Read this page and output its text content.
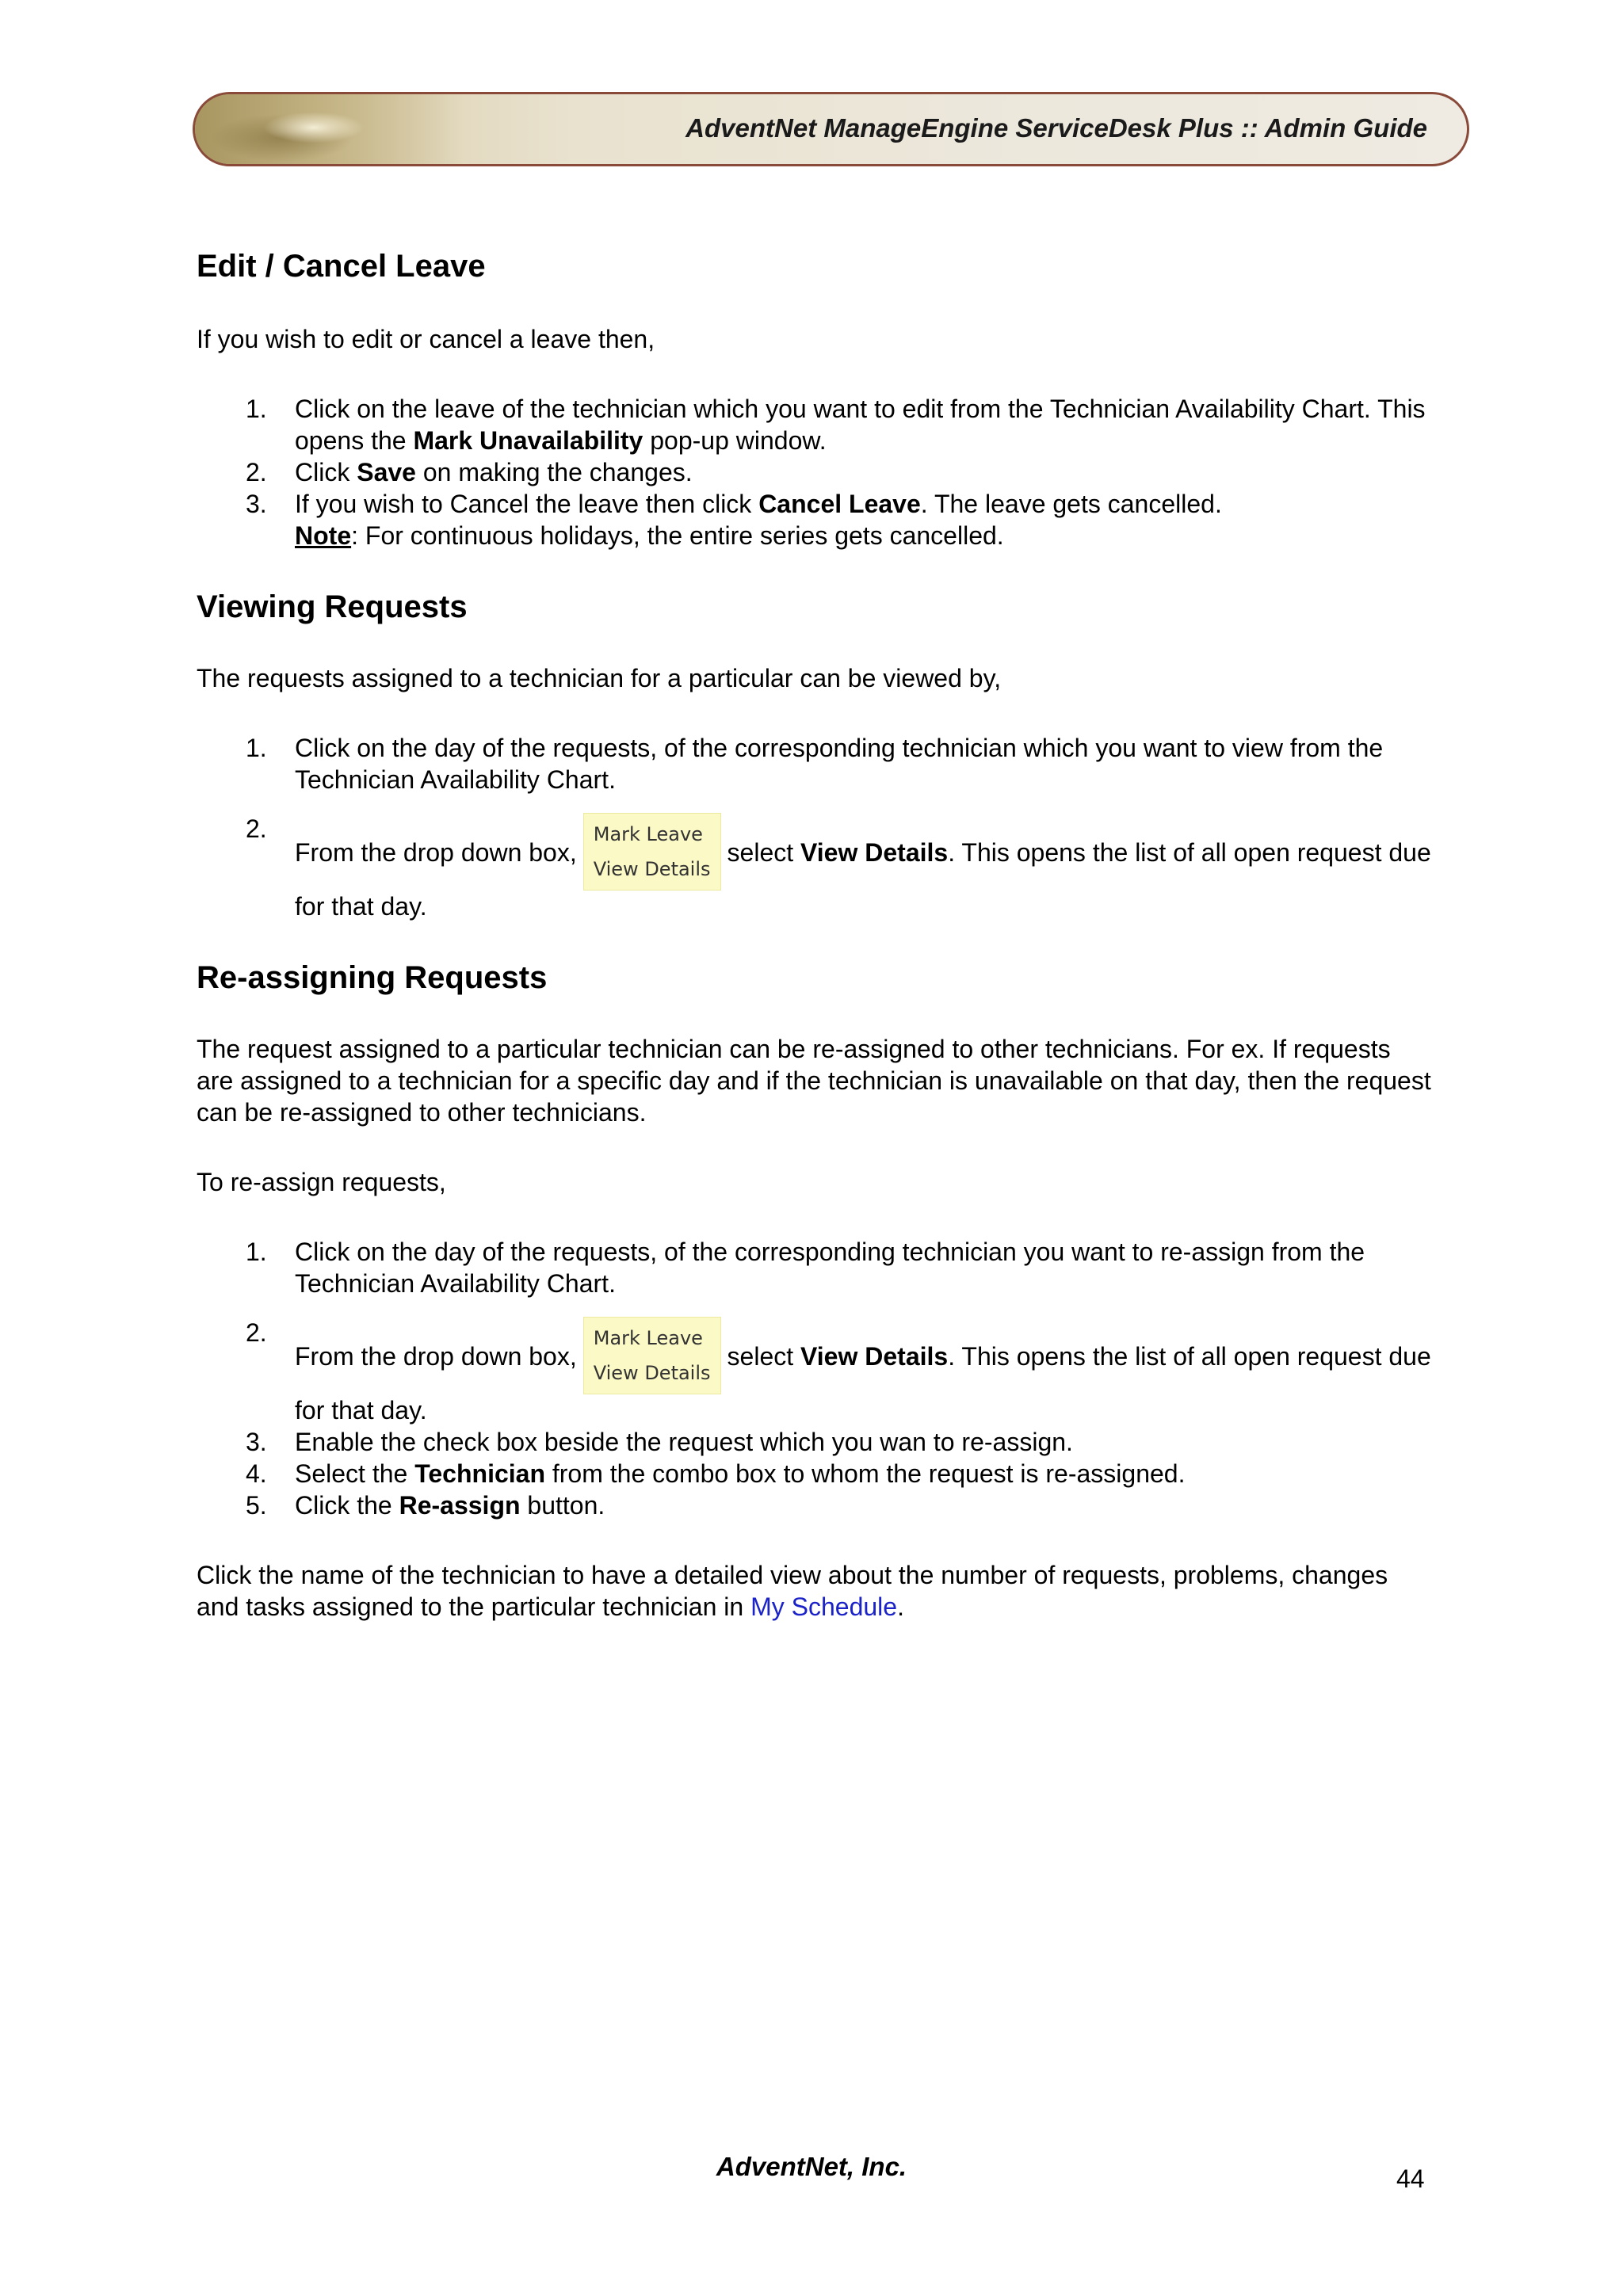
AdventNet ManageEngine ServiceDesk Plus :: Admin Guide
Edit / Cancel Leave

If you wish to edit or cancel a leave then,

1. Click on the leave of the technician which you want to edit from the Technician Availability Chart. This opens the Mark Unavailability pop-up window.
2. Click Save on making the changes.
3. If you wish to Cancel the leave then click Cancel Leave. The leave gets cancelled.
Note: For continuous holidays, the entire series gets cancelled.
Viewing Requests

The requests assigned to a technician for a particular can be viewed by,

1. Click on the day of the requests, of the corresponding technician which you want to view from the Technician Availability Chart.
2.
From the drop down box,
Mark Leave
View Details
select View Details. This opens the list of all open request due for that day.
Re-assigning Requests

The request assigned to a particular technician can be re-assigned to other technicians. For ex. If requests are assigned to a technician for a specific day and if the technician is unavailable on that day, then the request can be re-assigned to other technicians.

To re-assign requests,

1. Click on the day of the requests, of the corresponding technician you want to re-assign from the Technician Availability Chart.
2.
From the drop down box,
Mark Leave
View Details
select View Details. This opens the list of all open request due for that day.
3. Enable the check box beside the request which you wan to re-assign.
4. Select the Technician from the combo box to whom the request is re-assigned.
5. Click the Re-assign button.

Click the name of the technician to have a detailed view about the number of requests, problems, changes and tasks assigned to the particular technician in My Schedule.

AdventNet, Inc.	44
